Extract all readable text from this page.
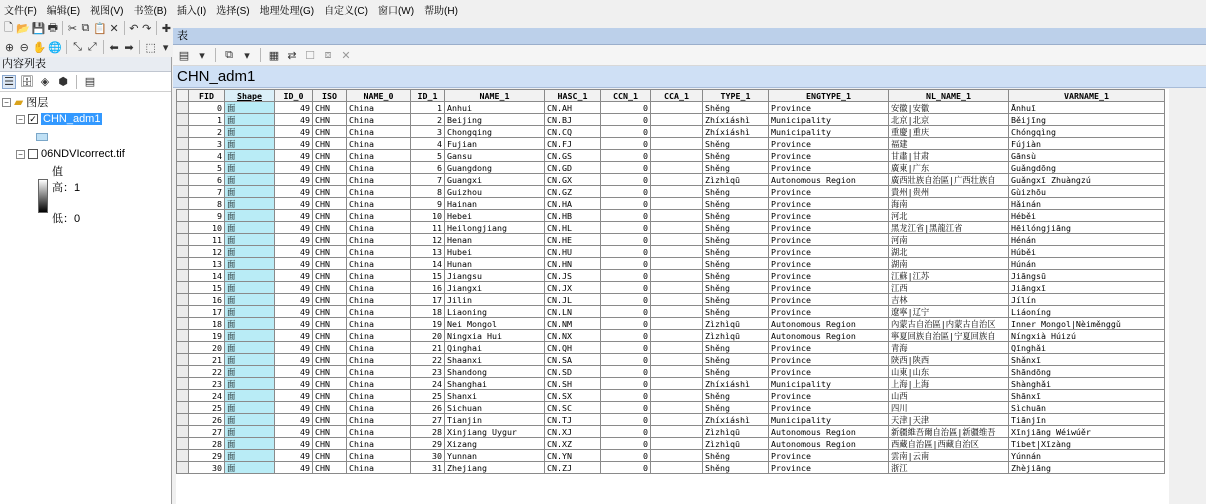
文件(F) 编辑(E) 视图(V) 书签(B) 插入(I) 选择(S) 地理处理(G) 自定义(C) 窗口(W) 帮助(H)
🗋 📂 💾 🖶 ✂ ⧉ 📋 ✕ ↶ ↷ ✚
⊕ ⊖ ✋ 🌐 ⤡ ⤢ ⬅ ➡ ⬚ ▾
内容列表
☰ 🗄 ◈ ⬢ ▤
− ▰ 图层
− ✓ CHN_adm1
− 06NDVIcorrect.tif
值
高：1
低：0
表
▤ ▾	⧉	▾	▦ ⇄ ☐ ⧈ ✕
CHN_adm1
	FID	Shape	ID_0	ISO	NAME_0	ID_1	NAME_1	HASC_1	CCN_1	CCA_1	TYPE_1	ENGTYPE_1	NL_NAME_1	VARNAME_1
	0	面	49	CHN	China	1	Anhui	CN.AH	0		Shěng	Province	安徽|安徽	Ānhuī
	1	面	49	CHN	China	2	Beijing	CN.BJ	0		Zhíxiáshì	Municipality	北京|北京	Běijīng
	2	面	49	CHN	China	3	Chongqing	CN.CQ	0		Zhíxiáshì	Municipality	重慶|重庆	Chóngqìng
	3	面	49	CHN	China	4	Fujian	CN.FJ	0		Shěng	Province	福建	Fújiàn
	4	面	49	CHN	China	5	Gansu	CN.GS	0		Shěng	Province	甘肅|甘肃	Gānsù
	5	面	49	CHN	China	6	Guangdong	CN.GD	0		Shěng	Province	廣東|广东	Guǎngdōng
	6	面	49	CHN	China	7	Guangxi	CN.GX	0		Zìzhìqū	Autonomous Region	廣西壯族自治區|广西壮族自	Guǎngxī Zhuàngzú
	7	面	49	CHN	China	8	Guizhou	CN.GZ	0		Shěng	Province	貴州|贵州	Gùizhōu
	8	面	49	CHN	China	9	Hainan	CN.HA	0		Shěng	Province	海南	Hǎinán
	9	面	49	CHN	China	10	Hebei	CN.HB	0		Shěng	Province	河北	Héběi
	10	面	49	CHN	China	11	Heilongjiang	CN.HL	0		Shěng	Province	黑龙江省|黑龍江省	Hēilóngjiāng
	11	面	49	CHN	China	12	Henan	CN.HE	0		Shěng	Province	河南	Hénán
	12	面	49	CHN	China	13	Hubei	CN.HU	0		Shěng	Province	湖北	Húběi
	13	面	49	CHN	China	14	Hunan	CN.HN	0		Shěng	Province	湖南	Húnán
	14	面	49	CHN	China	15	Jiangsu	CN.JS	0		Shěng	Province	江蘇|江苏	Jiāngsū
	15	面	49	CHN	China	16	Jiangxi	CN.JX	0		Shěng	Province	江西	Jiāngxī
	16	面	49	CHN	China	17	Jilin	CN.JL	0		Shěng	Province	吉林	Jílín
	17	面	49	CHN	China	18	Liaoning	CN.LN	0		Shěng	Province	遼寧|辽宁	Liáoníng
	18	面	49	CHN	China	19	Nei Mongol	CN.NM	0		Zìzhìqū	Autonomous Region	內蒙古自治區|内蒙古自治区	Inner Mongol|Nèiměnggǔ
	19	面	49	CHN	China	20	Ningxia Hui	CN.NX	0		Zìzhìqū	Autonomous Region	寧夏回族自治區|宁夏回族自	Níngxià Húizú
	20	面	49	CHN	China	21	Qinghai	CN.QH	0		Shěng	Province	青海	Qīnghǎi
	21	面	49	CHN	China	22	Shaanxi	CN.SA	0		Shěng	Province	陝西|陕西	Shǎnxī
	22	面	49	CHN	China	23	Shandong	CN.SD	0		Shěng	Province	山東|山东	Shāndōng
	23	面	49	CHN	China	24	Shanghai	CN.SH	0		Zhíxiáshì	Municipality	上海|上海	Shànghǎi
	24	面	49	CHN	China	25	Shanxi	CN.SX	0		Shěng	Province	山西	Shānxī
	25	面	49	CHN	China	26	Sichuan	CN.SC	0		Shěng	Province	四川	Sìchuān
	26	面	49	CHN	China	27	Tianjin	CN.TJ	0		Zhíxiáshì	Municipality	天津|天津	Tiānjīn
	27	面	49	CHN	China	28	Xinjiang Uygur	CN.XJ	0		Zìzhìqū	Autonomous Region	新疆維吾爾自治區|新疆维吾	Xīnjiāng Wéiwúěr
	28	面	49	CHN	China	29	Xizang	CN.XZ	0		Zìzhìqū	Autonomous Region	西藏自治區|西藏自治区	Tibet|Xīzàng
	29	面	49	CHN	China	30	Yunnan	CN.YN	0		Shěng	Province	雲南|云南	Yúnnán
	30	面	49	CHN	China	31	Zhejiang	CN.ZJ	0		Shěng	Province	浙江	Zhèjiāng
